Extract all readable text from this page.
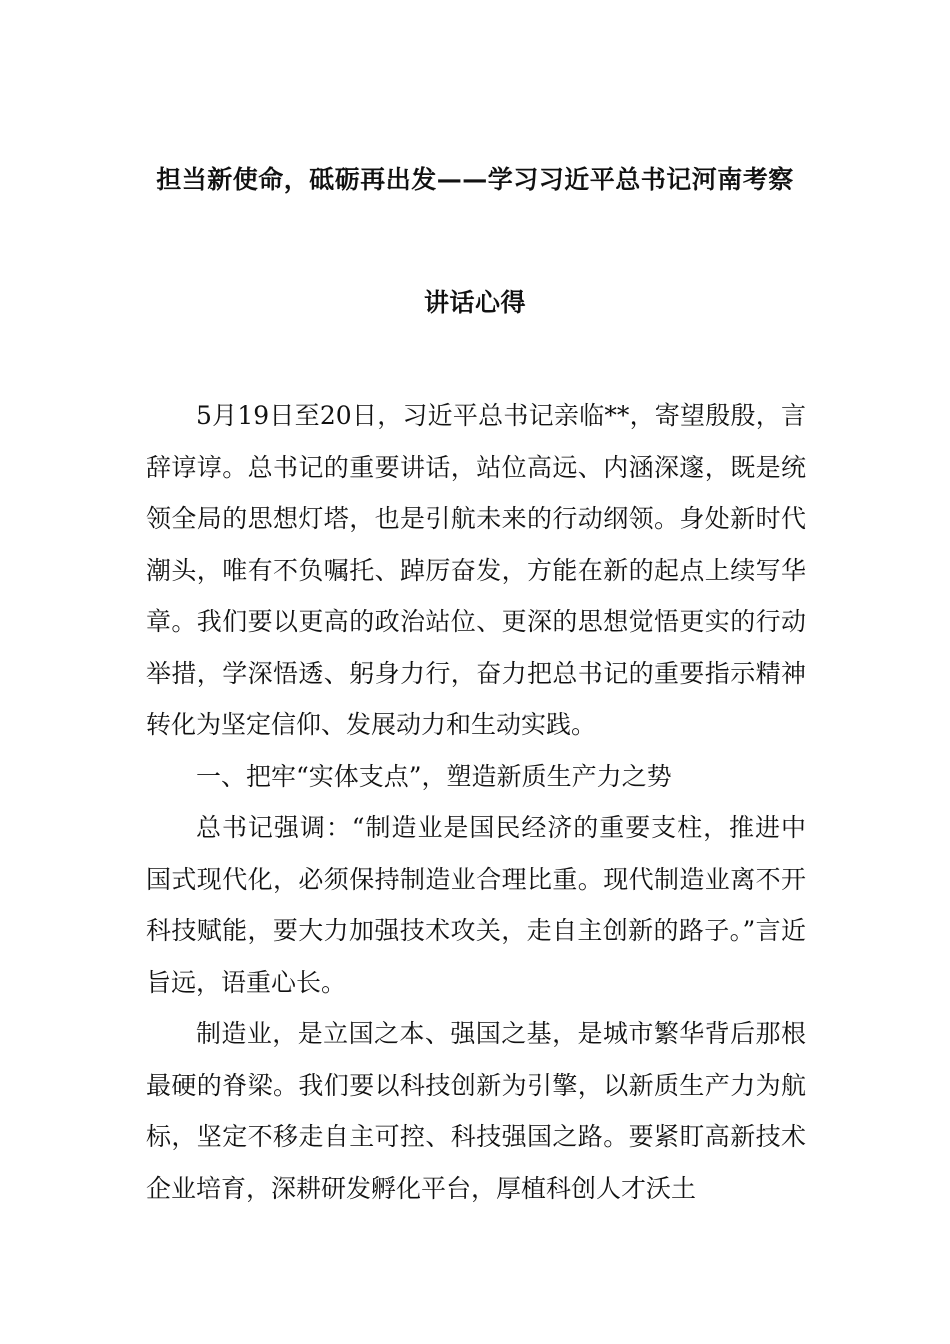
担当新使命，砥砺再出发——学习习近平总书记河南考察
讲话心得

5月19日至20日，习近平总书记亲临**，寄望殷殷，言辞谆谆。总书记的重要讲话，站位高远、内涵深邃，既是统领全局的思想灯塔，也是引航未来的行动纲领。身处新时代潮头，唯有不负嘱托、踔厉奋发，方能在新的起点上续写华章。我们要以更高的政治站位、更深的思想觉悟更实的行动举措，学深悟透、躬身力行，奋力把总书记的重要指示精神转化为坚定信仰、发展动力和生动实践。

一、把牢“实体支点”，塑造新质生产力之势

总书记强调：“制造业是国民经济的重要支柱，推进中国式现代化，必须保持制造业合理比重。现代制造业离不开科技赋能，要大力加强技术攻关，走自主创新的路子。”言近旨远，语重心长。

制造业，是立国之本、强国之基，是城市繁华背后那根最硬的脊梁。我们要以科技创新为引擎，以新质生产力为航标，坚定不移走自主可控、科技强国之路。要紧盯高新技术企业培育，深耕研发孵化平台，厚植科创人才沃土
